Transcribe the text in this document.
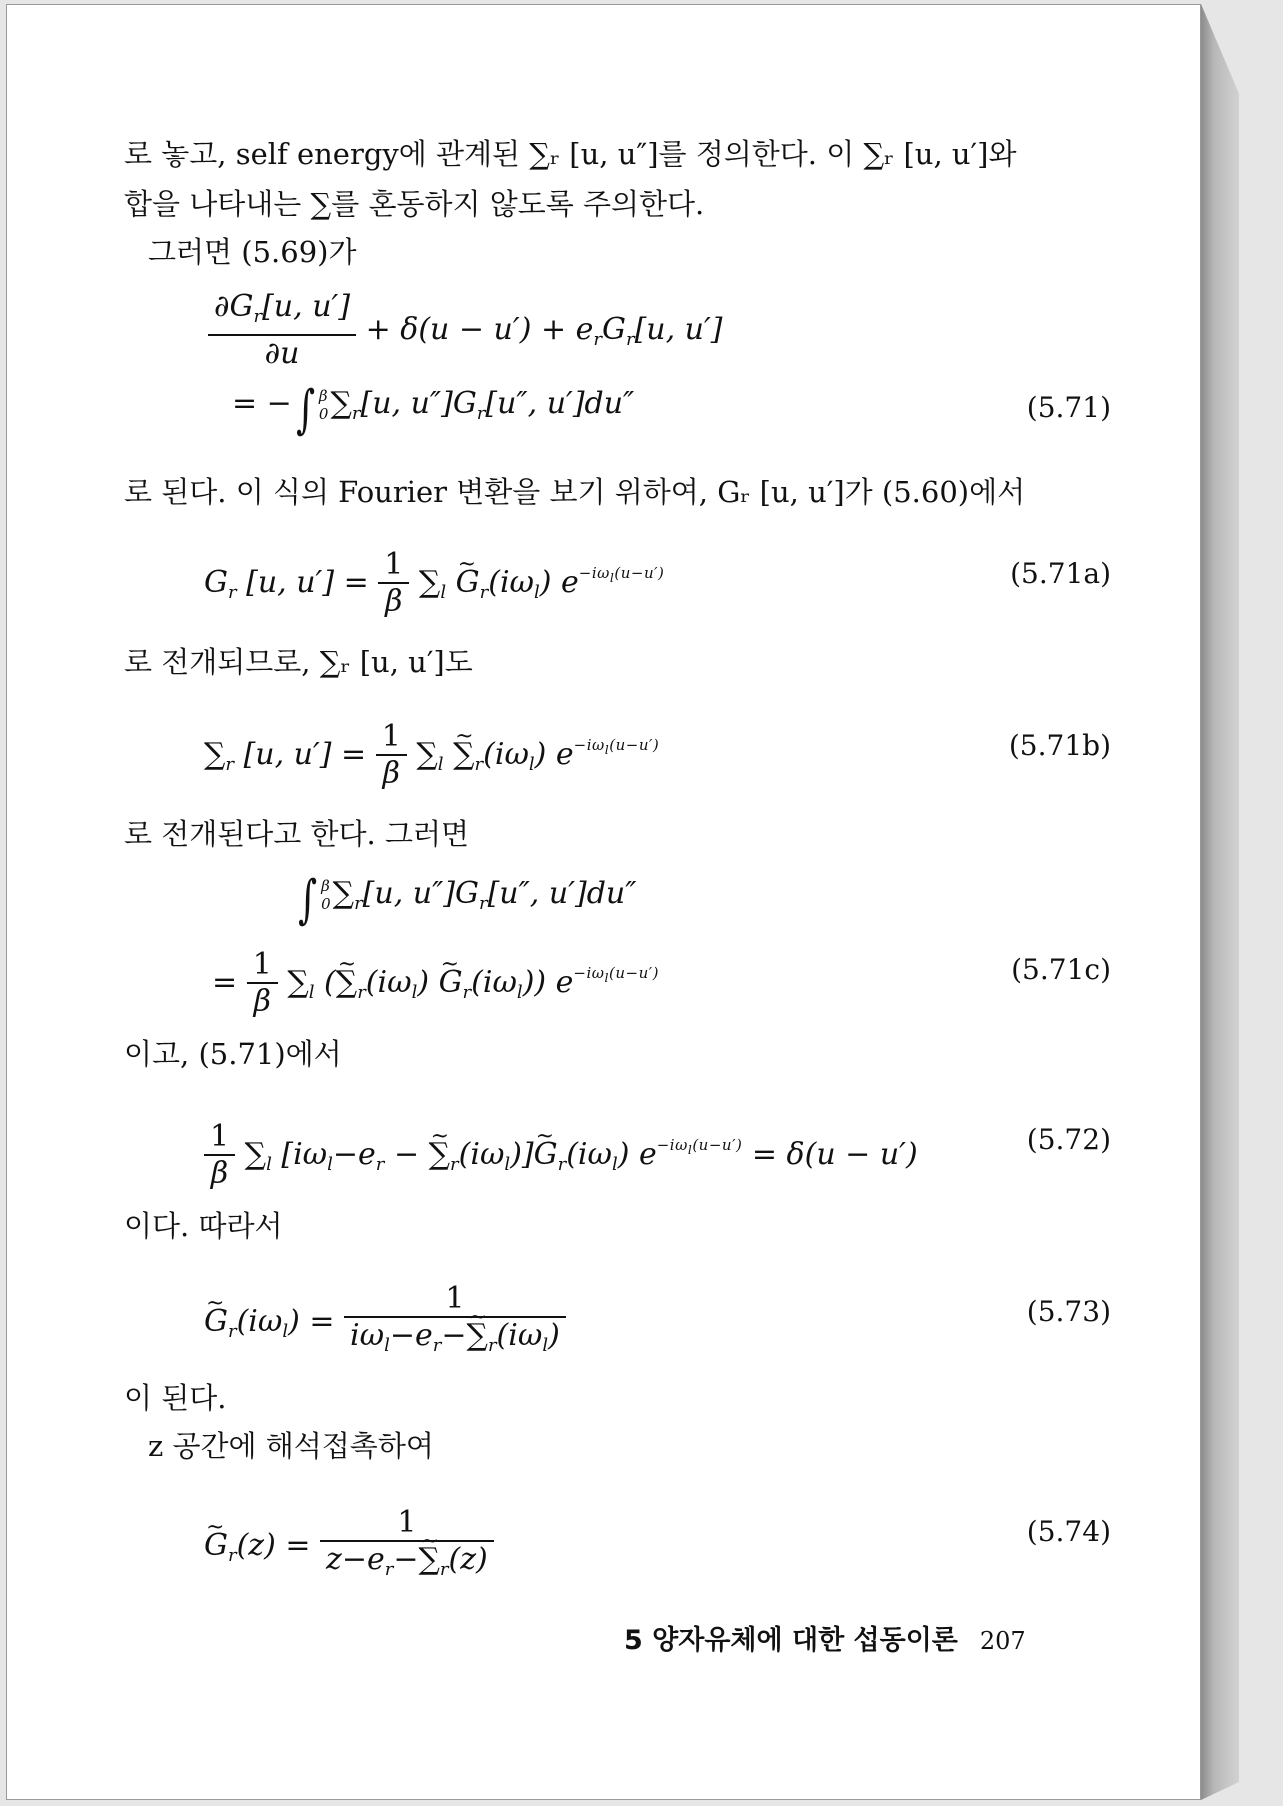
로 놓고, self energy에 관계된 ∑ᵣ [u, u″]를 정의한다. 이 ∑ᵣ [u, u′]와
합을 나타내는 ∑를 혼동하지 않도록 주의한다.
그러면 (5.69)가
$\frac{\partial G_r[u, u']}{\partial u} + \delta(u - u') + e_rG_r[u$, u′]
= −∫ β
$0\sum_r[u$, $u'']G_r[u''$, u′]du″	(5.71)
로 된다. 이 식의 Fourier 변환을 보기 위하여, Gᵣ [u, u′]가 (5.60)에서
$G_r$ [u, $u'] = \frac{1}{\beta} \sum_l$ ~ $G_r(i\omega_l)$ $e^{-i\omega_l(u-u')}$	(5.71a)
로 전개되므로, ∑ᵣ [u, u′]도
$\sum_r$ [u, $u'] = \frac{1}{\beta} \sum_l$ ~ $\sum_r(i\omega_l)$ $e^{-i\omega_l(u-u')}$	(5.71b)
로 전개된다고 한다. 그러면
∫ β
$0\sum_r[u$, $u'']G_r[u''$, u′]du″
= $\frac{1}{\beta} \sum_l$ (~ $\sum_r(i\omega_l)$ ~ $G_r(i\omega_l)$) $e^{-i\omega_l(u-u')}$	(5.71c)
이고, (5.71)에서
$\frac{1}{\beta} \sum_l$ [$i\omega_l-e_r$ − ~ $\sum_r(i\omega_l)]\sim$ $G_r(i\omega_l) e^{-i\omega_l(u-u')} = \delta(u - u')$	(5.72)
이다. 따라서
~ $G_r(i\omega_l) = \frac{1}{i\omega_l-e_r-\sim \sum_r(i\omega_l)}$	(5.73)
이 된다.
z 공간에 해석접촉하여
~ $G_r(z) = \frac{1}{z-e_r-\sim \sum_r(z)}$	(5.74)
5 양자유체에 대한 섭동이론 207
